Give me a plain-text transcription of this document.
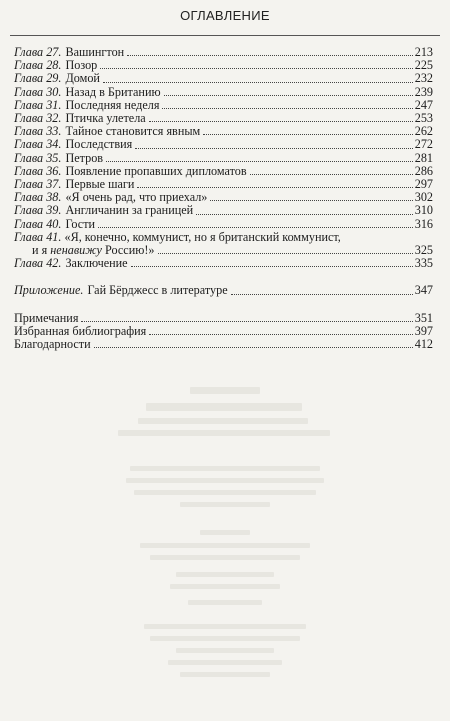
ОГЛАВЛЕНИЕ
Глава 27. Вашингтон	213
Глава 28. Позор	225
Глава 29. Домой	232
Глава 30. Назад в Британию	239
Глава 31. Последняя неделя	247
Глава 32. Птичка улетела	253
Глава 33. Тайное становится явным	262
Глава 34. Последствия	272
Глава 35. Петров	281
Глава 36. Появление пропавших дипломатов	286
Глава 37. Первые шаги	297
Глава 38. «Я очень рад, что приехал»	302
Глава 39. Англичанин за границей	310
Глава 40. Гости	316
Глава 41. «Я, конечно, коммунист, но я британский коммунист,
и я ненавижу Россию!»	325
Глава 42. Заключение	335
Приложение. Гай Бёрджесс в литературе	347
Примечания	351
Избранная библиография	397
Благодарности	412
